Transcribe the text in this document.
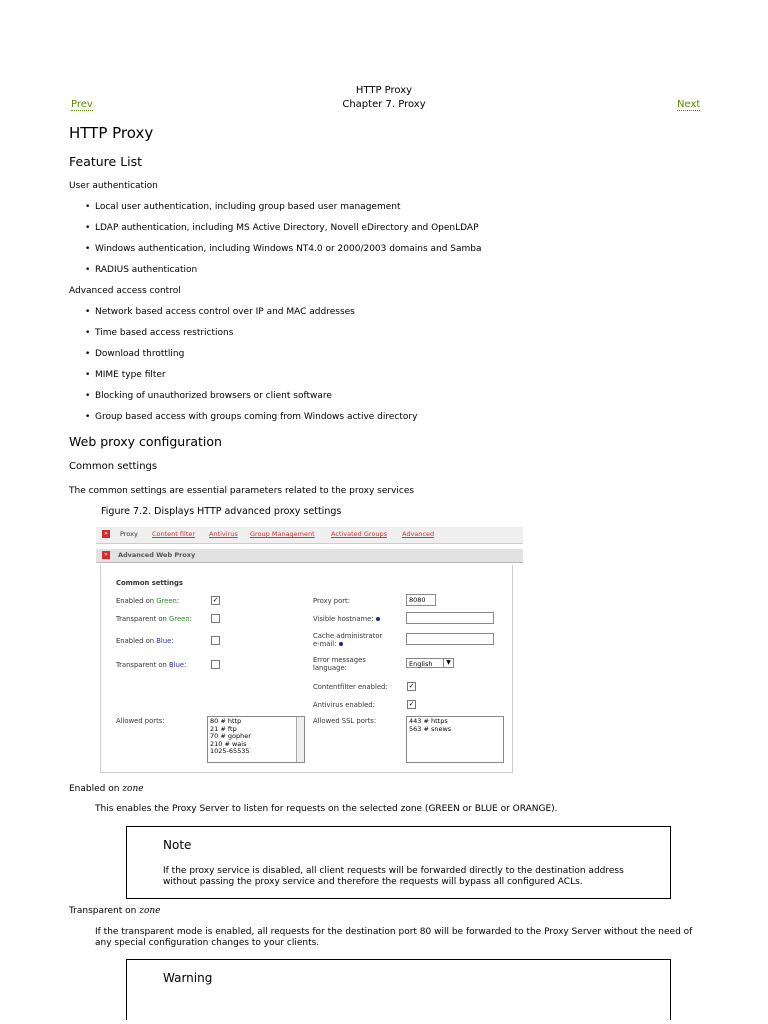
HTTP Proxy
Chapter 7. Proxy
Prev	Next
HTTP Proxy
Feature List
User authentication
• Local user authentication, including group based user management
• LDAP authentication, including MS Active Directory, Novell eDirectory and OpenLDAP
• Windows authentication, including Windows NT4.0 or 2000/2003 domains and Samba
• RADIUS authentication
Advanced access control
• Network based access control over IP and MAC addresses
• Time based access restrictions
• Download throttling
• MIME type filter
• Blocking of unauthorized browsers or client software
• Group based access with groups coming from Windows active directory
Web proxy configuration
Common settings
The common settings are essential parameters related to the proxy services
Figure 7.2. Displays HTTP advanced proxy settings
»	Proxy Content filter Antivirus Group Management	Activated Groups Advanced
»	Advanced Web Proxy
Common settings
Enabled on Green:	✓
Transparent on Green:
Enabled on Blue:
Transparent on Blue:
Allowed ports:	80 # http
21 # ftp
70 # gopher
210 # wais
1025-65535
Proxy port:	8080
Visible hostname:
Cache administrator
e-mail:
Error messages
language:	English	▼
Contentfilter enabled:	✓
Antivirus enabled:	✓
Allowed SSL ports:	443 # https
563 # snews
Enabled on zone
This enables the Proxy Server to listen for requests on the selected zone (GREEN or BLUE or ORANGE).
Note
If the proxy service is disabled, all client requests will be forwarded directly to the destination address
without passing the proxy service and therefore the requests will bypass all configured ACLs.
Transparent on zone
If the transparent mode is enabled, all requests for the destination port 80 will be forwarded to the Proxy Server without the need of
any special configuration changes to your clients.
Warning
